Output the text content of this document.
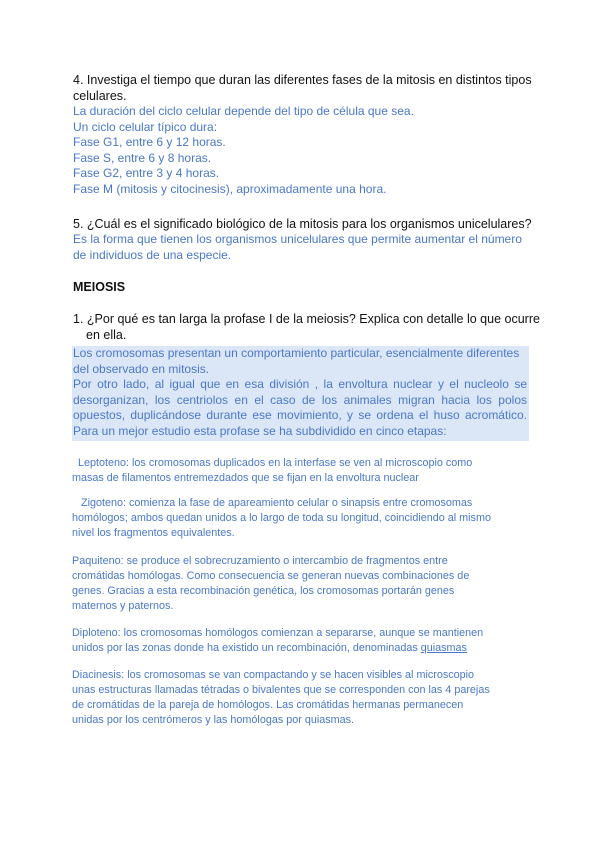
4. Investiga el tiempo que duran las diferentes fases de la mitosis en distintos tipos celulares.
La duración del ciclo celular depende del tipo de célula que sea.
Un ciclo celular típico dura:
Fase G1, entre 6 y 12 horas.
Fase S, entre 6 y 8 horas.
Fase G2, entre 3 y 4 horas.
Fase M (mitosis y citocinesis), aproximadamente una hora.
5. ¿Cuál es el significado biológico de la mitosis para los organismos unicelulares?
Es la forma que tienen los organismos unicelulares que permite aumentar el número
de individuos de una especie.
MEIOSIS
1. ¿Por qué es tan larga la profase I de la meiosis? Explica con detalle lo que ocurre
en ella.
Los cromosomas presentan un comportamiento particular, esencialmente diferentes
del observado en mitosis.
Por otro lado, al igual que en esa división , la envoltura nuclear y el nucleolo se
desorganizan, los centriolos en el caso de los animales migran hacia los polos
opuestos, duplicándose durante ese movimiento, y se ordena el huso acromático.
Para un mejor estudio esta profase se ha subdividido en cinco etapas:
Leptoteno: los cromosomas duplicados en la interfase se ven al microscopio como
masas de filamentos entremezdados que se fijan en la envoltura nuclear
Zigoteno: comienza la fase de apareamiento celular o sinapsis entre cromosomas
homólogos; ambos quedan unidos a lo largo de toda su longitud, coincidiendo al mismo
nivel los fragmentos equivalentes.
Paquiteno: se produce el sobrecruzamiento o intercambio de fragmentos entre
cromátidas homólogas. Como consecuencia se generan nuevas combinaciones de
genes. Gracias a esta recombinación genética, los cromosomas portarán genes
maternos y paternos.
Diploteno: los cromosomas homólogos comienzan a separarse, aunque se mantienen
unidos por las zonas donde ha existido un recombinación, denominadas quiasmas
Diacinesis: los cromosomas se van compactando y se hacen visibles al microscopio
unas estructuras llamadas tétradas o bivalentes que se corresponden con las 4 parejas
de cromátidas de la pareja de homólogos. Las cromátidas hermanas permanecen
unidas por los centrómeros y las homólogas por quiasmas.
